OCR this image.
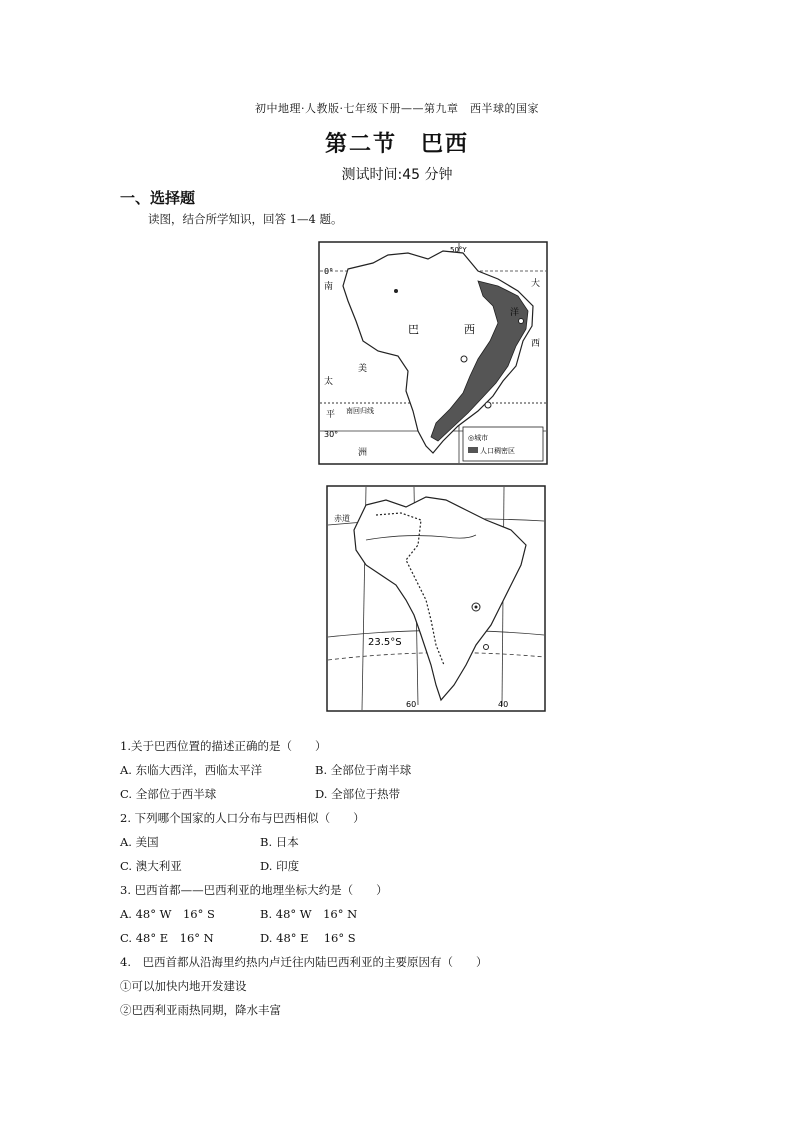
初中地理·人教版·七年级下册——第九章　西半球的国家
第二节　巴西
测试时间:45 分钟
一、选择题
读图，结合所学知识，回答 1—4 题。
0°
30°
50°Y
巴	西
南
美
太
平
洲
大
洋
西
南回归线
◎城市
人口稠密区
赤道
23.5°S
60	40
1.关于巴西位置的描述正确的是（　　）
A. 东临大西洋，西临太平洋	B. 全部位于南半球
C. 全部位于西半球	D. 全部位于热带
2. 下列哪个国家的人口分布与巴西相似（　　）
A. 美国	B. 日本
C. 澳大利亚	D. 印度
3. 巴西首都——巴西利亚的地理坐标大约是（　　）
A. 48° W　16° S	B. 48° W　16° N
C. 48° E　16° N	D. 48° E　 16° S
4.　巴西首都从沿海里约热内卢迁往内陆巴西利亚的主要原因有（　　）
①可以加快内地开发建设
②巴西利亚雨热同期，降水丰富
